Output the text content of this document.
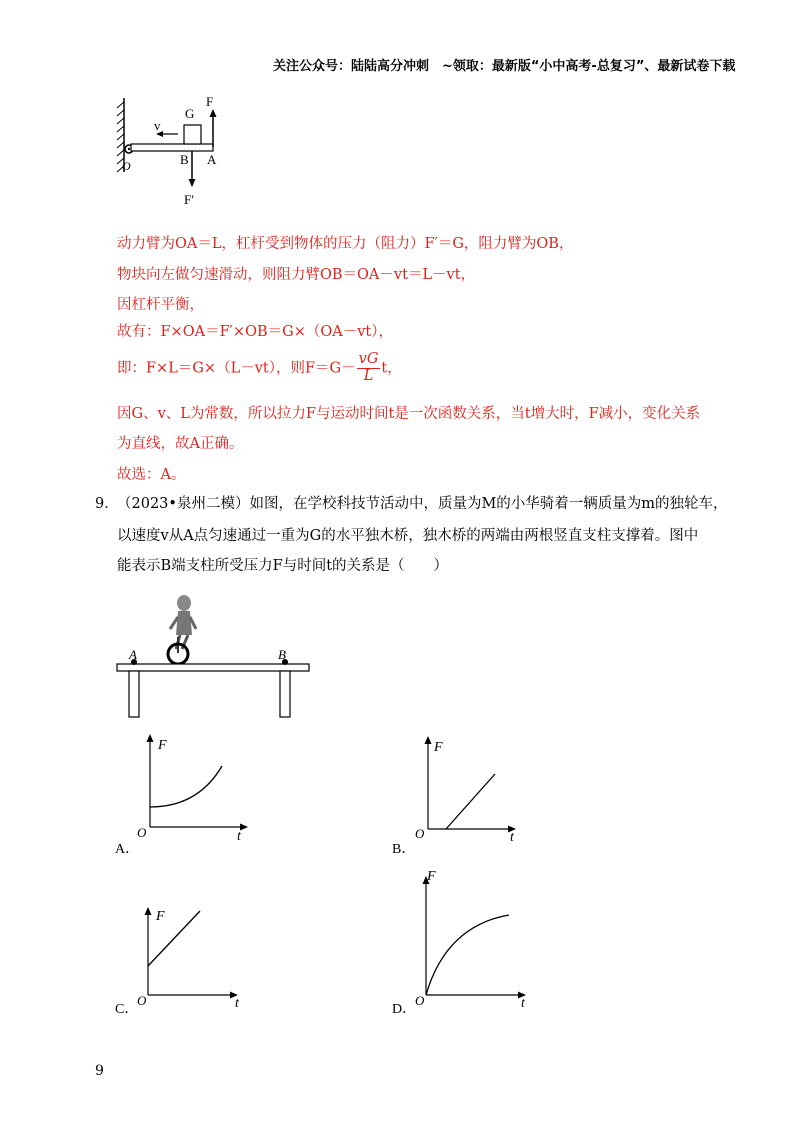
关注公众号：陆陆高分冲刺　~领取：最新版“小中高考-总复习”、最新试卷下载
G
F
v
O	B A
F′
动力臂为OA＝L，杠杆受到物体的压力（阻力）F′＝G，阻力臂为OB，
物块向左做匀速滑动，则阻力臂OB＝OA－vt＝L－vt，
因杠杆平衡，
故有：F×OA＝F′×OB＝G×（OA－vt），
即：F×L＝G×（L－vt），则$F=G- \frac{vG}{L}$ t，
因G、v、L为常数，所以拉力F与运动时间t是一次函数关系，当t增大时，F减小，变化关系
为直线，故A正确。
故选：A。
9．
（2023•泉州二模）如图，在学校科技节活动中，质量为M的小华骑着一辆质量为m的独轮车，
以速度v从A点匀速通过一重为G的水平独木桥，独木桥的两端由两根竖直支柱支撑着。图中
能表示B端支柱所受压力F与时间t的关系是（　　）
A	B
F
t
O
A．
F
t
O
B．
F
t
O
C．
F
t
O
D．
9
